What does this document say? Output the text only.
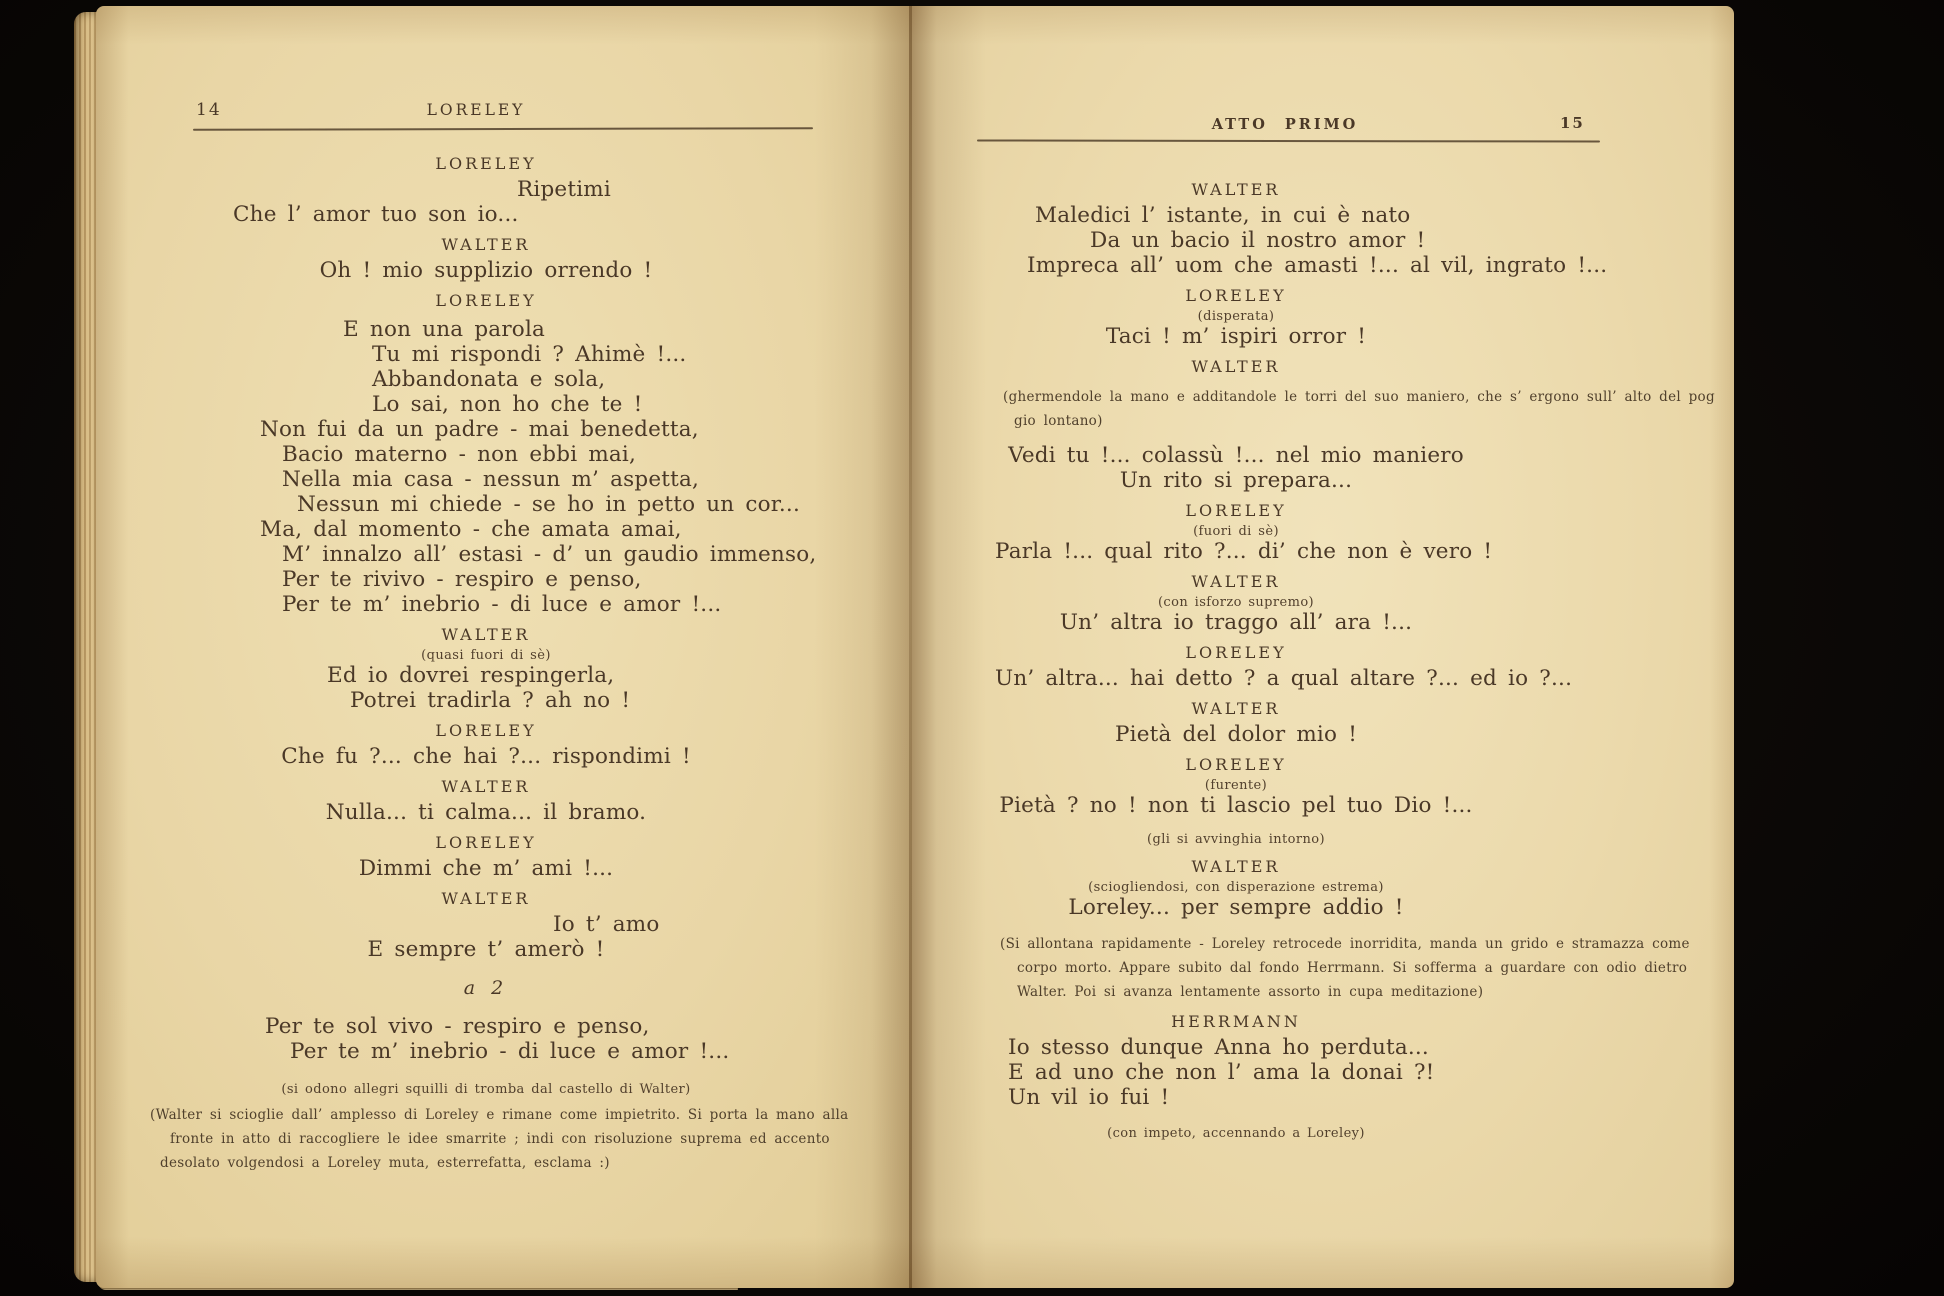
14	LORELEY
LORELEY
Ripetimi
Che l’ amor tuo son io...
WALTER
Oh ! mio supplizio orrendo !
LORELEY
E non una parola
Tu mi rispondi ? Ahimè !...
Abbandonata e sola,
Lo sai, non ho che te !
Non fui da un padre - mai benedetta,
Bacio materno - non ebbi mai,
Nella mia casa - nessun m’ aspetta,
Nessun mi chiede - se ho in petto un cor...
Ma, dal momento - che amata amai,
M’ innalzo all’ estasi - d’ un gaudio immenso,
Per te rivivo - respiro e penso,
Per te m’ inebrio - di luce e amor !...
WALTER
(quasi fuori di sè)
Ed io dovrei respingerla,
Potrei tradirla ? ah no !
LORELEY
Che fu ?... che hai ?... rispondimi !
WALTER
Nulla... ti calma... il bramo.
LORELEY
Dimmi che m’ ami !...
WALTER
Io t’ amo
E sempre t’ amerò !
a 2
Per te sol vivo - respiro e penso,
Per te m’ inebrio - di luce e amor !...
(si odono allegri squilli di tromba dal castello di Walter)
(Walter si scioglie dall’ amplesso di Loreley e rimane come impietrito. Si porta la mano alla
fronte in atto di raccogliere le idee smarrite ; indi con risoluzione suprema ed accento
desolato volgendosi a Loreley muta, esterrefatta, esclama :)
ATTO PRIMO	15
WALTER
Maledici l’ istante, in cui è nato
Da un bacio il nostro amor !
Impreca all’ uom che amasti !... al vil, ingrato !...
LORELEY
(disperata)
Taci ! m’ ispiri orror !
WALTER
(ghermendole la mano e additandole le torri del suo maniero, che s’ ergono sull’ alto del pog
gio lontano)
Vedi tu !... colassù !... nel mio maniero
Un rito si prepara...
LORELEY
(fuori di sè)
Parla !... qual rito ?... di’ che non è vero !
WALTER
(con isforzo supremo)
Un’ altra io traggo all’ ara !...
LORELEY
Un’ altra... hai detto ? a qual altare ?... ed io ?...
WALTER
Pietà del dolor mio !
LORELEY
(furente)
Pietà ? no ! non ti lascio pel tuo Dio !...
(gli si avvinghia intorno)
WALTER
(sciogliendosi, con disperazione estrema)
Loreley... per sempre addio !
(Si allontana rapidamente - Loreley retrocede inorridita, manda un grido e stramazza come
corpo morto. Appare subito dal fondo Herrmann. Si sofferma a guardare con odio dietro
Walter. Poi si avanza lentamente assorto in cupa meditazione)
HERRMANN
Io stesso dunque Anna ho perduta...
E ad uno che non l’ ama la donai ?!
Un vil io fui !
(con impeto, accennando a Loreley)
